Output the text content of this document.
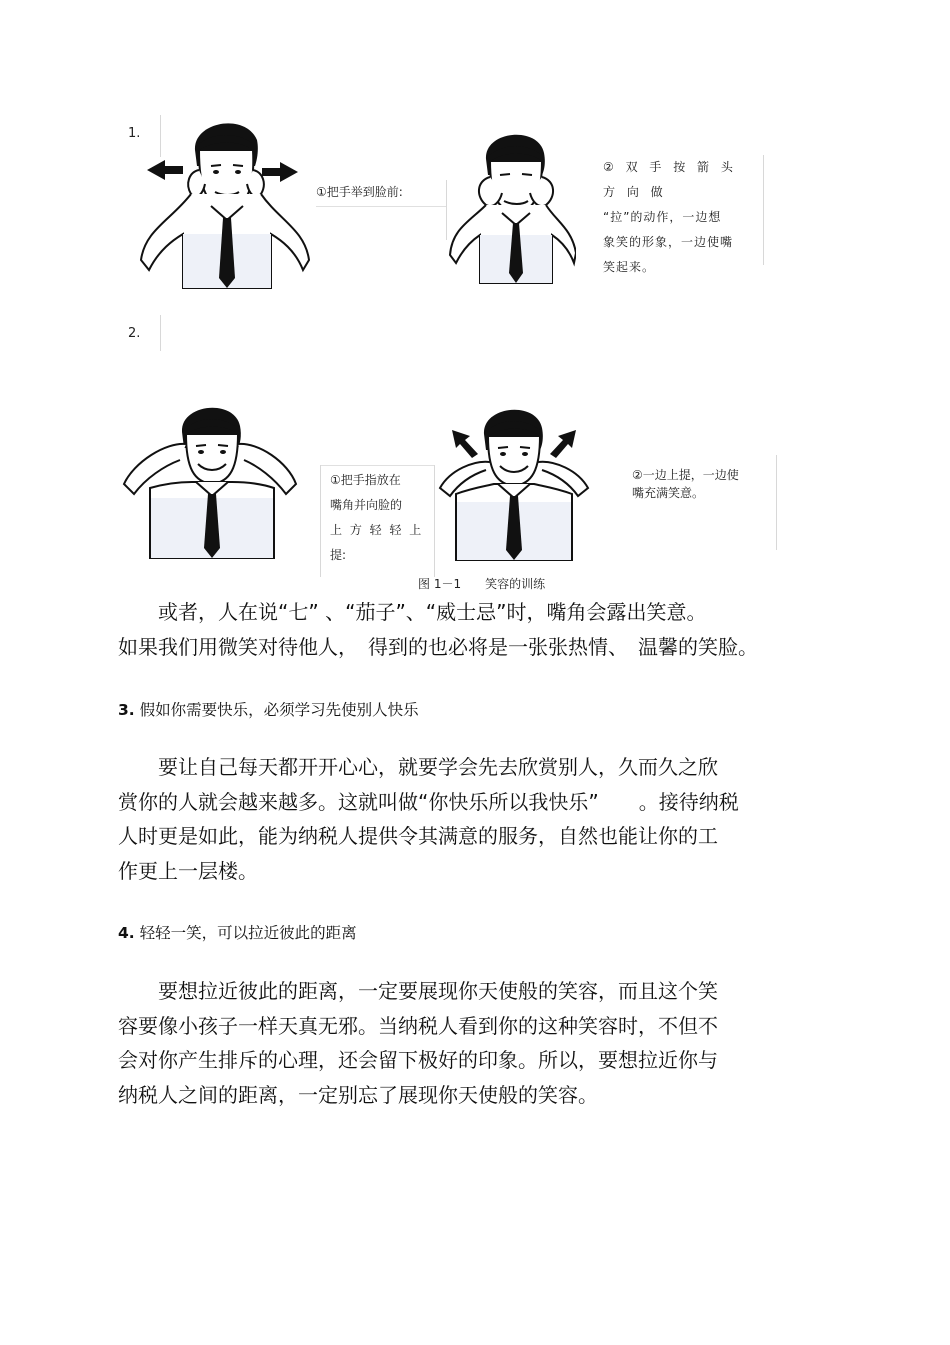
1.
①把手举到脸前:
② 双 手 按 箭 头 方 向 做
“拉”的动作，一边想
象笑的形象，一边使嘴
笑起来。
2.
①把手指放在
嘴角并向脸的
上 方 轻 轻 上
提:
②一边上提，一边使
嘴充满笑意。
图 1－1　　笑容的训练

　　或者，人在说“七” 、“茄子”、“威士忌”时，嘴角会露出笑意。

如果我们用微笑对待他人，　得到的也必将是一张张热情、　温馨的笑脸。

3. 假如你需要快乐，必须学习先使别人快乐

　　要让自己每天都开开心心，就要学会先去欣赏别人，久而久之欣

赏你的人就会越来越多。这就叫做“你快乐所以我快乐”　　。接待纳税

人时更是如此，能为纳税人提供令其满意的服务，自然也能让你的工

作更上一层楼。

4. 轻轻一笑，可以拉近彼此的距离

　　要想拉近彼此的距离，一定要展现你天使般的笑容，而且这个笑

容要像小孩子一样天真无邪。当纳税人看到你的这种笑容时，不但不

会对你产生排斥的心理，还会留下极好的印象。所以，要想拉近你与

纳税人之间的距离，一定别忘了展现你天使般的笑容。
